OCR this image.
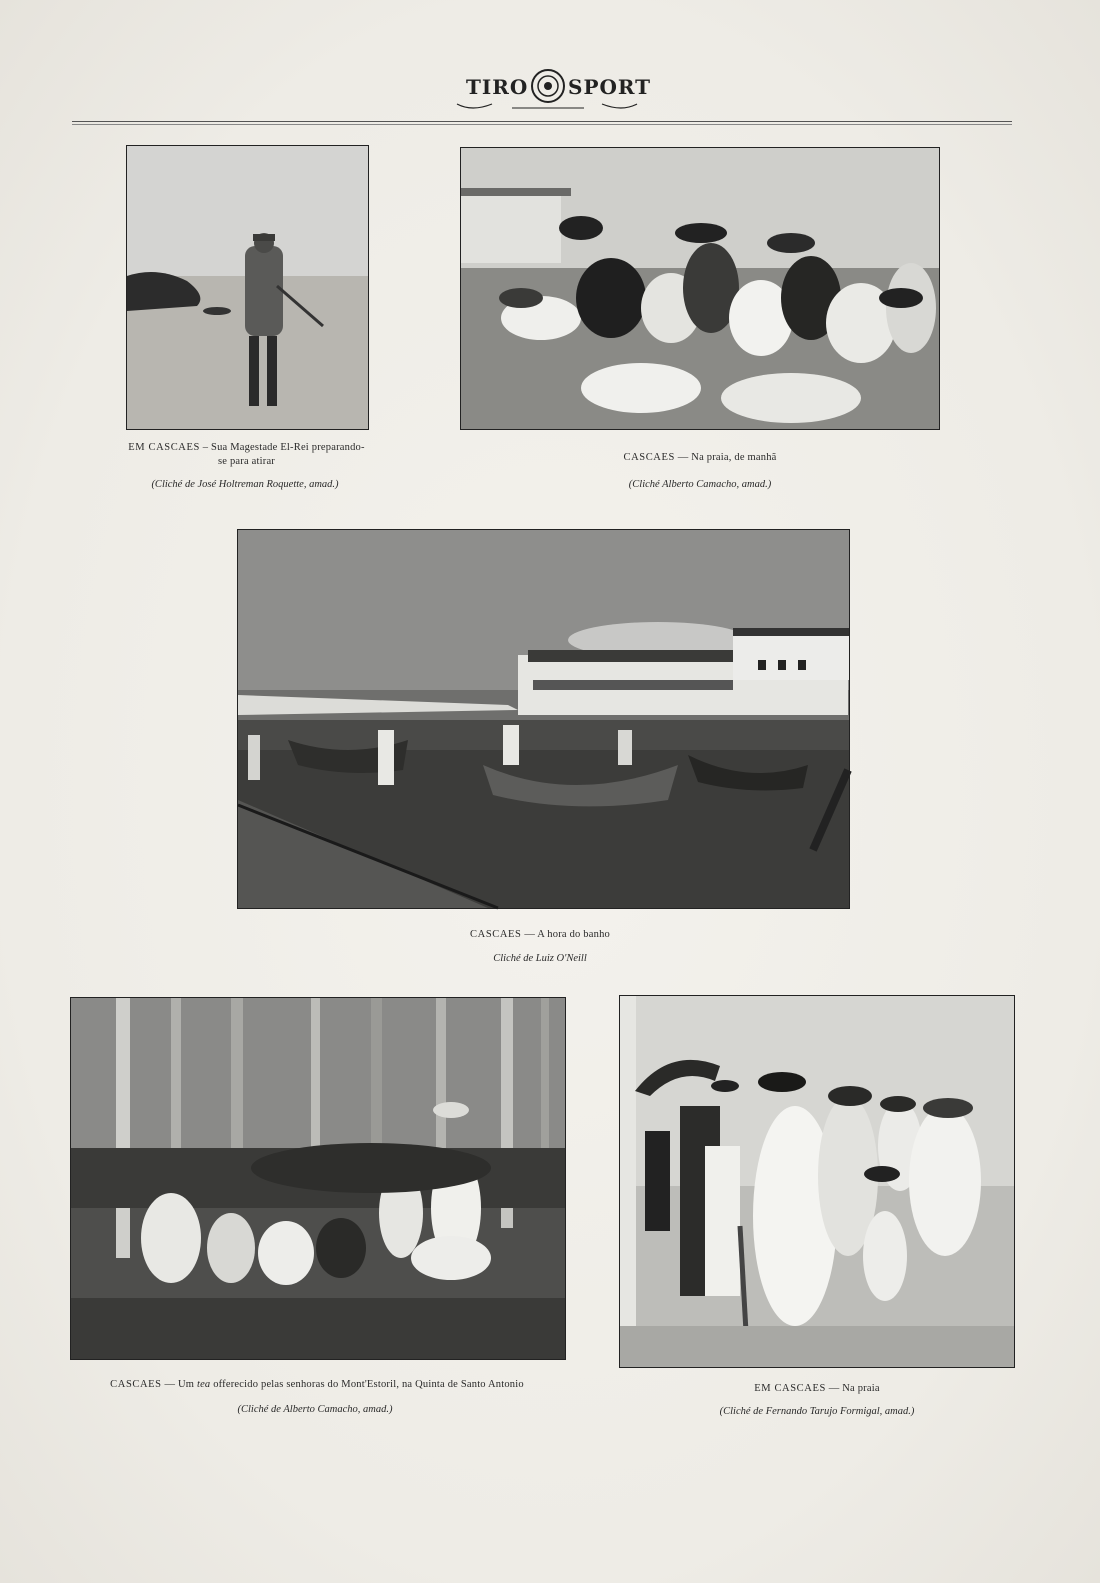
TIRO SPORT
EM CASCAES – Sua Magestade El-Rei preparando-se para atirar
(Cliché de José Holtreman Roquette, amad.)
CASCAES — Na praia, de manhã
(Cliché Alberto Camacho, amad.)
CASCAES — A hora do banho
Cliché de Luiz O'Neill
CASCAES — Um tea offerecido pelas senhoras do Mont'Estoril, na Quinta de Santo Antonio
(Cliché de Alberto Camacho, amad.)
EM CASCAES — Na praia
(Cliché de Fernando Tarujo Formigal, amad.)
